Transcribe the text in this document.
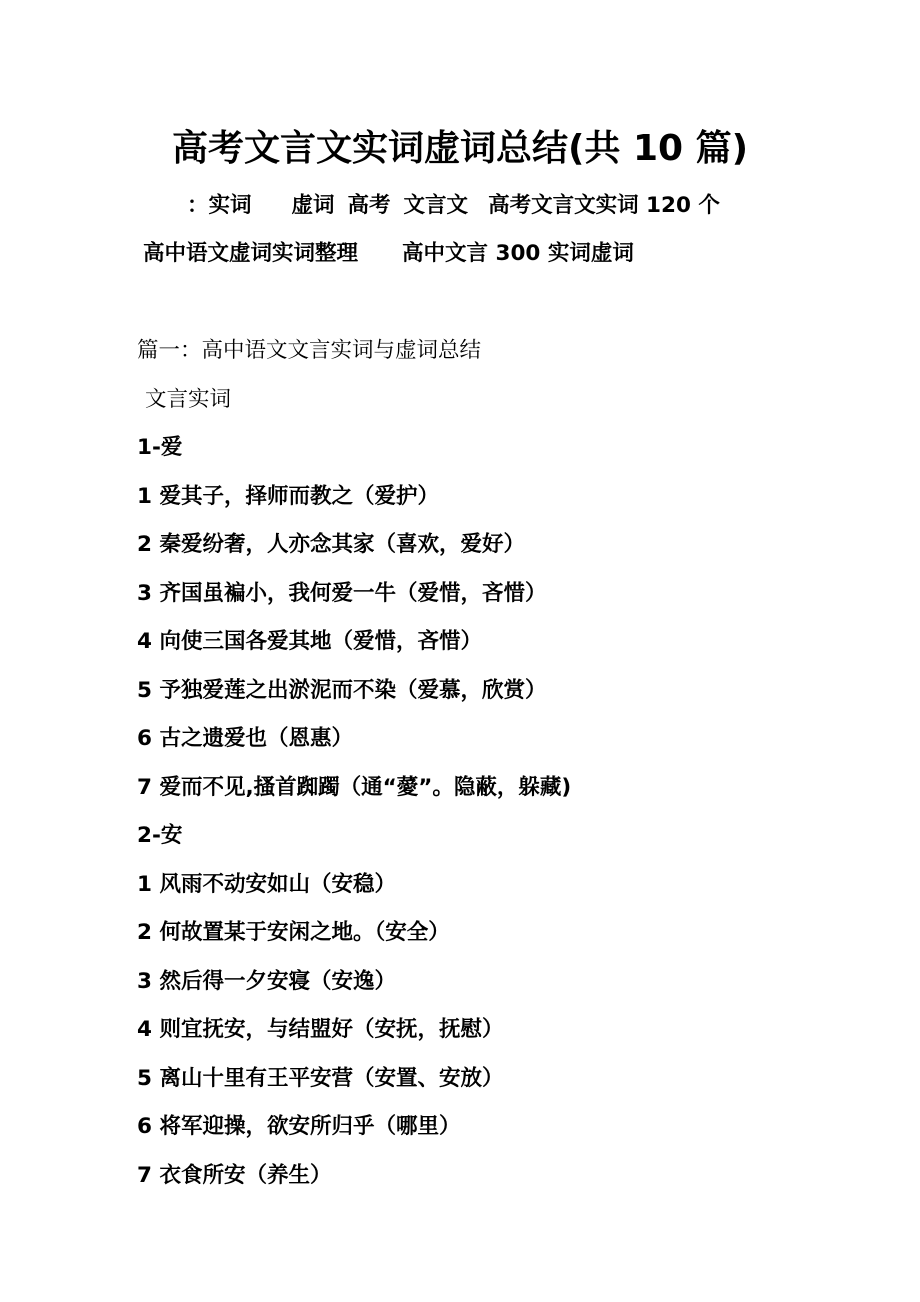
高考文言文实词虚词总结(共 10 篇)
：实词 虚词 高考 文言文 高考文言文实词 120 个
高中语文虚词实词整理 高中文言 300 实词虚词
篇一：高中语文文言实词与虚词总结
文言实词
1-爱
1 爱其子，择师而教之（爱护）
2 秦爱纷奢，人亦念其家（喜欢，爱好）
3 齐国虽褊小，我何爱一牛（爱惜，吝惜）
4 向使三国各爱其地（爱惜，吝惜）
5 予独爱莲之出淤泥而不染（爱慕，欣赏）
6 古之遗爱也（恩惠）
7 爱而不见,搔首踟躅（通“薆”。隐蔽，躲藏)
2-安
1 风雨不动安如山（安稳）
2 何故置某于安闲之地。（安全）
3 然后得一夕安寝（安逸）
4 则宜抚安，与结盟好（安抚，抚慰）
5 离山十里有王平安营（安置、安放）
6 将军迎操，欲安所归乎（哪里）
7 衣食所安（养生）
